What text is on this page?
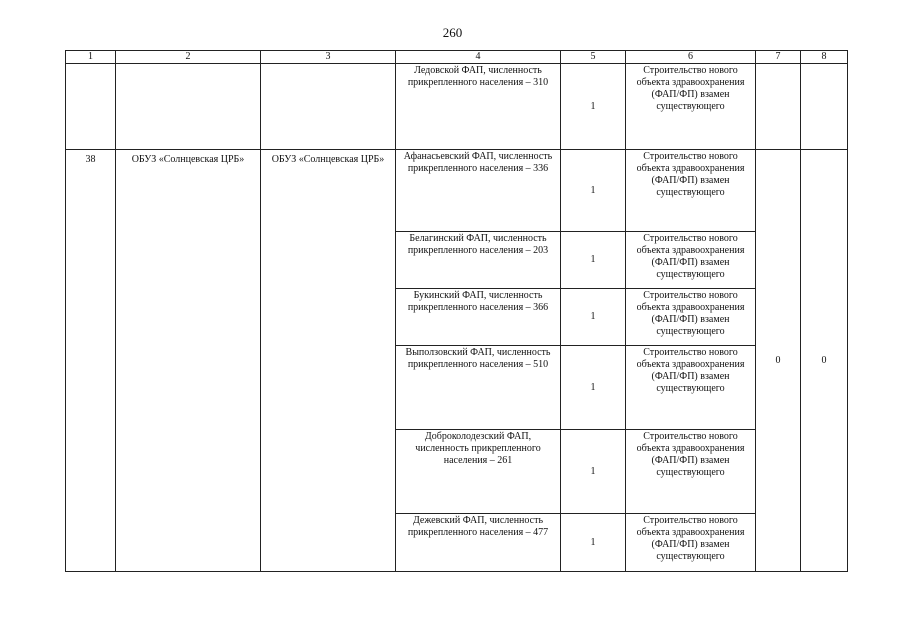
260
1	2	3	4	5	6	7	8
			Ледовской ФАП, численность прикрепленного населения – 310	1	Строительство нового объекта здравоохранения (ФАП/ФП) взамен существующего		
38	ОБУЗ «Солнцевская ЦРБ»	ОБУЗ «Солнцевская ЦРБ»	Афанасьевский ФАП, численность прикрепленного населения – 336	1	Строительство нового объекта здравоохранения (ФАП/ФП) взамен существующего	0	0
			Белагинский ФАП, численность прикрепленного населения – 203	1	Строительство нового объекта здравоохранения (ФАП/ФП) взамен существующего		
			Букинский ФАП, численность прикрепленного населения – 366	1	Строительство нового объекта здравоохранения (ФАП/ФП) взамен существующего		
			Выползовский ФАП, численность прикрепленного населения – 510	1	Строительство нового объекта здравоохранения (ФАП/ФП) взамен существующего		
			Доброколодезский ФАП, численность прикрепленного населения – 261	1	Строительство нового объекта здравоохранения (ФАП/ФП) взамен существующего		
			Дежевский ФАП, численность прикрепленного населения – 477	1	Строительство нового объекта здравоохранения (ФАП/ФП) взамен существующего		
